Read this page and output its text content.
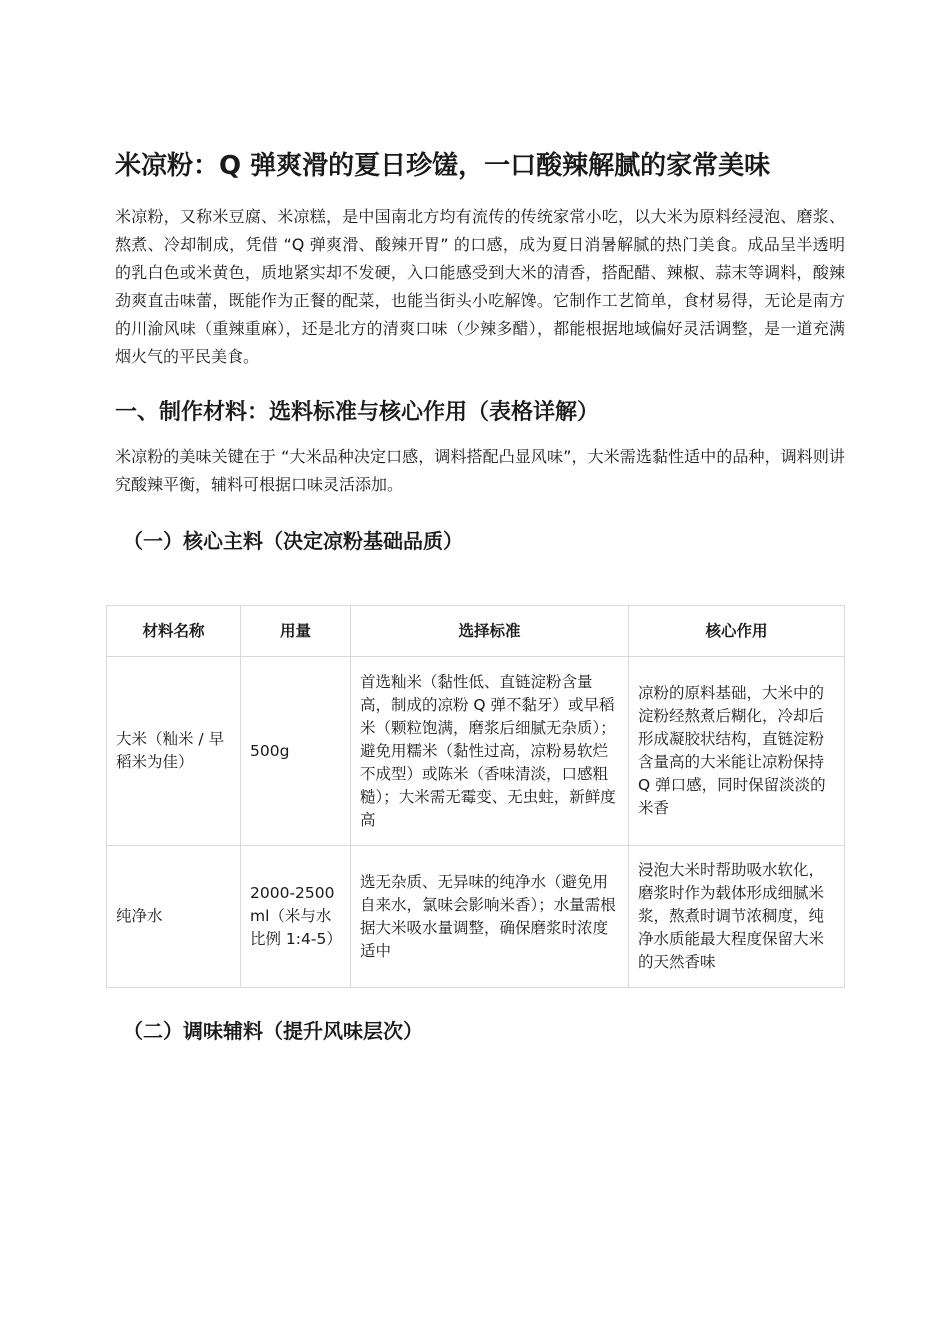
米凉粉：Q 弹爽滑的夏日珍馐，一口酸辣解腻的家常美味

米凉粉，又称米豆腐、米凉糕，是中国南北方均有流传的传统家常小吃，以大米为原料经浸泡、磨浆、熬煮、冷却制成，凭借 “Q 弹爽滑、酸辣开胃” 的口感，成为夏日消暑解腻的热门美食。成品呈半透明的乳白色或米黄色，质地紧实却不发硬，入口能感受到大米的清香，搭配醋、辣椒、蒜末等调料，酸辣劲爽直击味蕾，既能作为正餐的配菜，也能当街头小吃解馋。它制作工艺简单，食材易得，无论是南方的川渝风味（重辣重麻），还是北方的清爽口味（少辣多醋），都能根据地域偏好灵活调整，是一道充满烟火气的平民美食。

一、制作材料：选料标准与核心作用（表格详解）

米凉粉的美味关键在于 “大米品种决定口感，调料搭配凸显风味”，大米需选黏性适中的品种，调料则讲究酸辣平衡，辅料可根据口味灵活添加。

（一）核心主料（决定凉粉基础品质）
材料名称	用量	选择标准	核心作用
大米（籼米 / 早稻米为佳）	500g	首选籼米（黏性低、直链淀粉含量高，制成的凉粉 Q 弹不黏牙）或早稻米（颗粒饱满，磨浆后细腻无杂质）；避免用糯米（黏性过高，凉粉易软烂不成型）或陈米（香味清淡，口感粗糙）；大米需无霉变、无虫蛀，新鲜度高	凉粉的原料基础，大米中的淀粉经熬煮后糊化，冷却后形成凝胶状结构，直链淀粉含量高的大米能让凉粉保持 Q 弹口感，同时保留淡淡的米香
纯净水	2000-2500ml（米与水比例 1:4-5）	选无杂质、无异味的纯净水（避免用自来水，氯味会影响米香）；水量需根据大米吸水量调整，确保磨浆时浓度适中	浸泡大米时帮助吸水软化，磨浆时作为载体形成细腻米浆，熬煮时调节浓稠度，纯净水质能最大程度保留大米的天然香味
（二）调味辅料（提升风味层次）
